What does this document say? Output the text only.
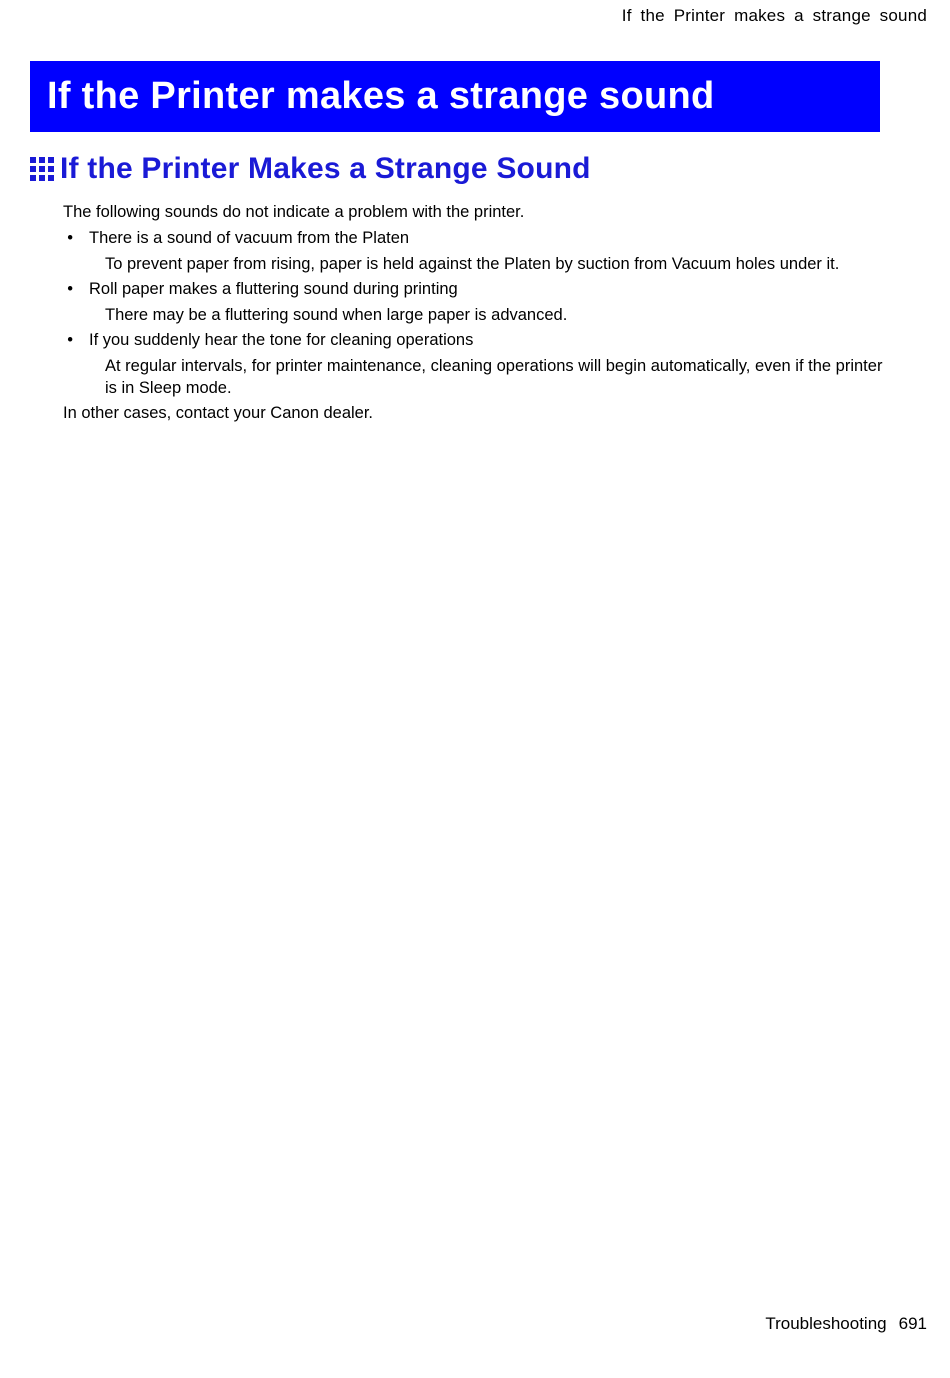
If the Printer makes a strange sound
If the Printer makes a strange sound
If the Printer Makes a Strange Sound

The following sounds do not indicate a problem with the printer.

• There is a sound of vacuum from the Platen
To prevent paper from rising, paper is held against the Platen by suction from Vacuum holes under it.
• Roll paper makes a fluttering sound during printing
There may be a fluttering sound when large paper is advanced.
• If you suddenly hear the tone for cleaning operations
At regular intervals, for printer maintenance, cleaning operations will begin automatically, even if the printer is in Sleep mode.

In other cases, contact your Canon dealer.

Troubleshooting 691
